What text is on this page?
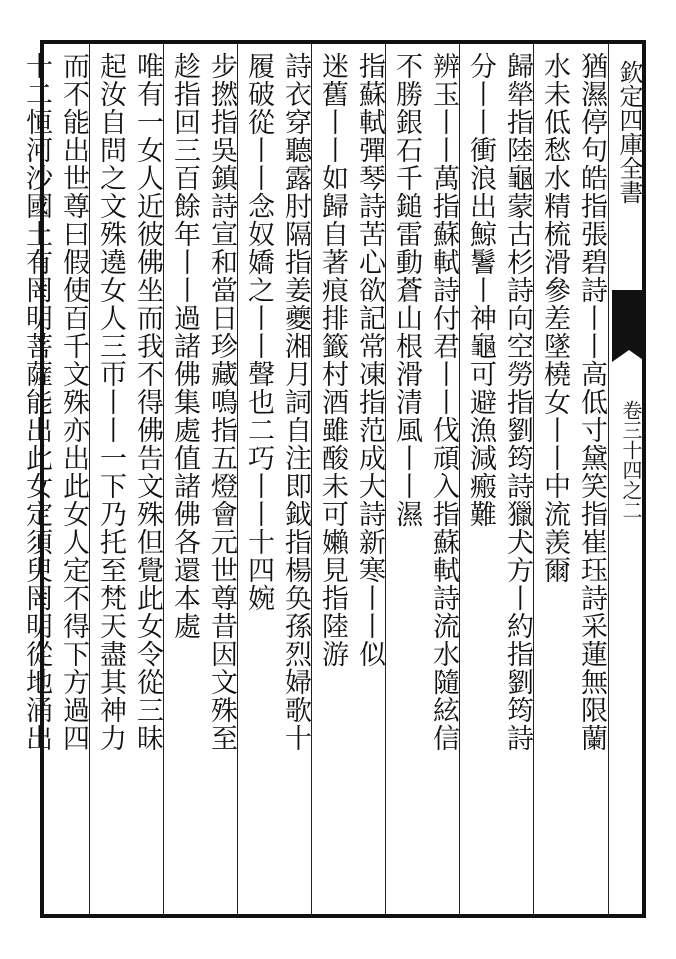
欽定四庫全書
卷三十四之二
猶濕停句皓指張碧詩丨丨高低寸黛笑指崔珏詩采蓮無限蘭
水未低愁水精梳滑參差墜橈女丨丨中流羡爾
歸犖指陸龜蒙古杉詩向空勞指劉筠詩獵犬方丨約指劉筠詩
分丨丨衝浪出鯨鬐丨神龜可避漁減瘢難
辨玉丨丨萬指蘇軾詩付君丨丨伐頑入指蘇軾詩流水隨絃信
不勝銀石千鎚雷動蒼山根滑清風丨丨濕
指蘇軾彈琴詩苦心欲記常凍指范成大詩新寒丨丨似
迷舊丨丨如歸自著痕排籤村酒雖酸未可嬾見指陸游
詩衣穿聽露肘隔指姜夔湘月詞自注即鉞指楊奂孫烈婦歌十
履破從丨丨念奴嬌之丨丨聲也二巧丨丨十四婉
步撚指吳鎮詩宣和當日珍藏鳴指五燈會元世尊昔因文殊至
趁指回三百餘年丨丨過諸佛集處值諸佛各還本處
唯有一女人近彼佛坐而我不得佛告文殊但覺此女令從三昧
起汝自問之文殊遶女人三帀丨丨一下乃托至梵天盡其神力
而不能出世尊曰假使百千文殊亦出此女人定不得下方過四
十二恒河沙國土有罔明菩薩能出此女定須臾罔明從地涌出
